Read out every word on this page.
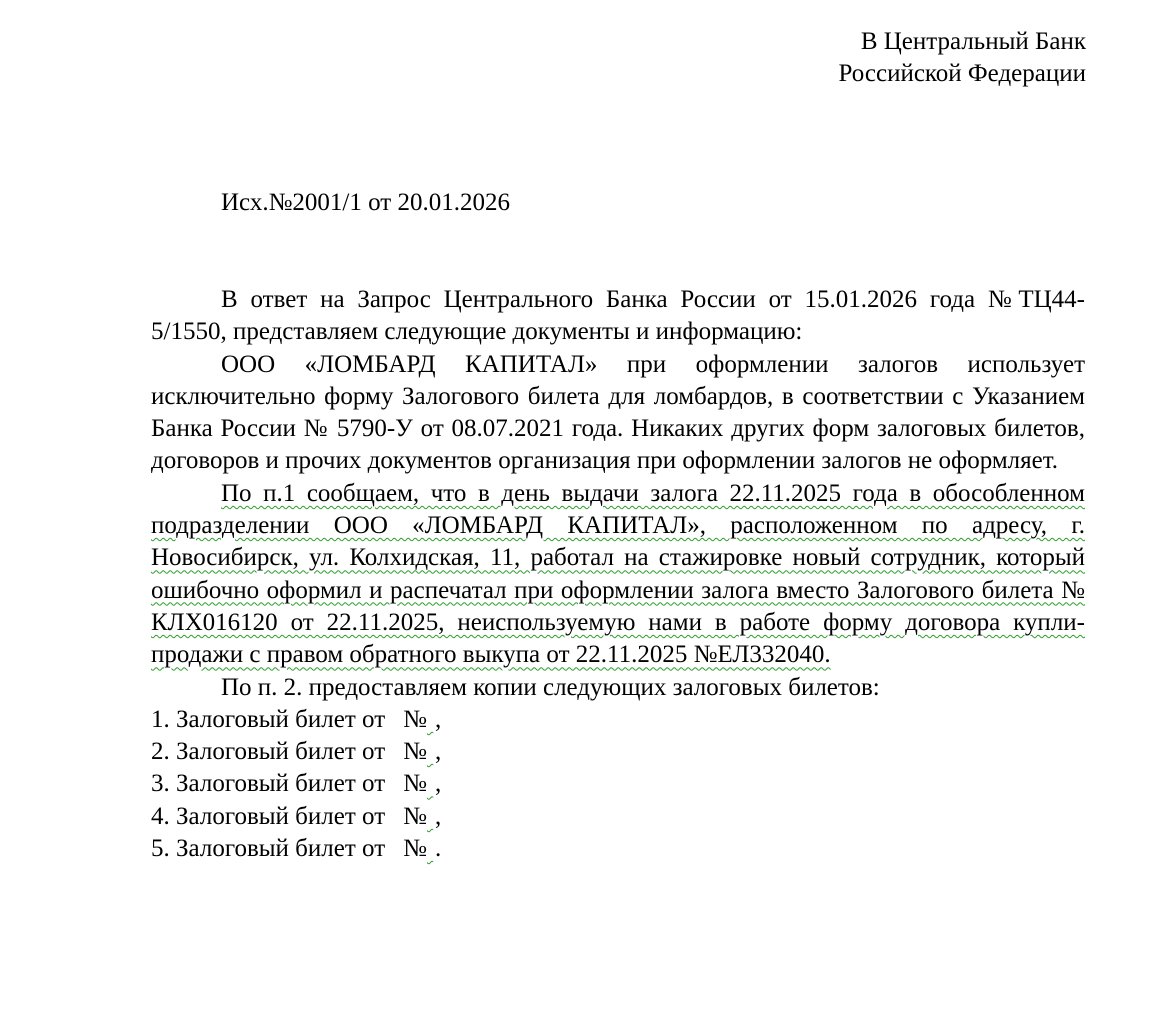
В Центральный Банк
Российской Федерации
Исх.№2001/1 от 20.01.2026

В ответ на Запрос Центрального Банка России от 15.01.2026 года №ТЦ44-5/1550, представляем следующие документы и информацию:

ООО «ЛОМБАРД КАПИТАЛ» при оформлении залогов использует исключительно форму Залогового билета для ломбардов, в соответствии с Указанием Банка России № 5790-У от 08.07.2021 года. Никаких других форм залоговых билетов, договоров и прочих документов организация при оформлении залогов не оформляет.

По п.1 сообщаем, что в день выдачи залога 22.11.2025 года в обособленном подразделении ООО «ЛОМБАРД КАПИТАЛ», расположенном по адресу, г. Новосибирск, ул. Колхидская, 11, работал на стажировке новый сотрудник, который ошибочно оформил и распечатал при оформлении залога вместо Залогового билета № КЛХ016120 от 22.11.2025, неиспользуемую нами в работе форму договора купли-продажи с правом обратного выкупа от 22.11.2025 №ЕЛ332040.

По п. 2. предоставляем копии следующих залоговых билетов:

1. Залоговый билет от № ,
2. Залоговый билет от № ,
3. Залоговый билет от № ,
4. Залоговый билет от № ,
5. Залоговый билет от № .
